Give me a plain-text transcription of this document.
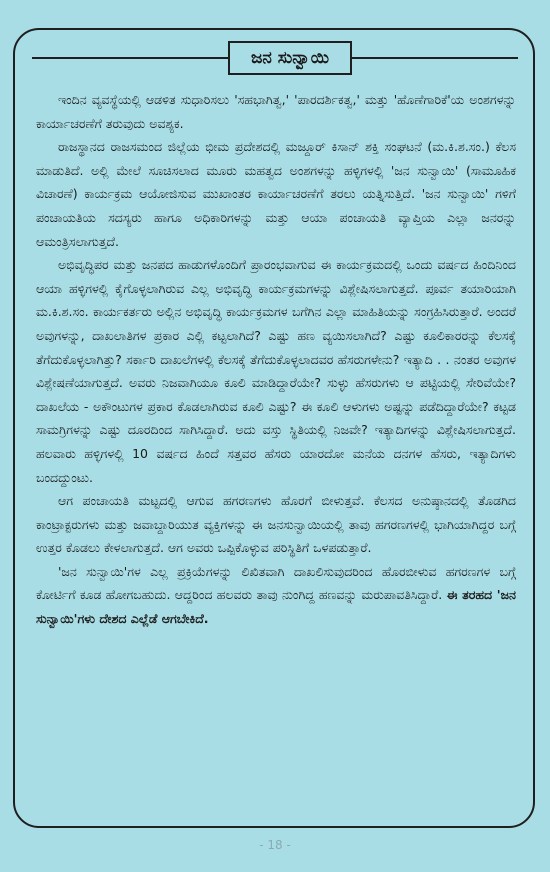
ಜನ ಸುನ್ವಾಯಿ

ಇಂದಿನ ವ್ಯವಸ್ಥೆಯಲ್ಲಿ ಆಡಳಿತ ಸುಧಾರಿಸಲು 'ಸಹಭಾಗಿತ್ವ,' 'ಪಾರದರ್ಶಿಕತ್ವ,' ಮತ್ತು 'ಹೊಣೆಗಾರಿಕೆ'ಯ ಅಂಶಗಳನ್ನು ಕಾರ್ಯಾಚರಣೆಗೆ ತರುವುದು ಅವಶ್ಯಕ.

ರಾಜಸ್ಥಾನದ ರಾಜಸಮಂದ ಜಿಲ್ಲೆಯ ಭೀಮ ಪ್ರದೇಶದಲ್ಲಿ ಮಜ್ದೂರ್ ಕಿಸಾನ್ ಶಕ್ತಿ ಸಂಘಟನೆ (ಮ.ಕಿ.ಶ.ಸಂ.) ಕೆಲಸ ಮಾಡುತಿದೆ. ಅಲ್ಲಿ ಮೇಲೆ ಸೂಚಿಸಲಾದ ಮೂರು ಮಹತ್ವದ ಅಂಶಗಳನ್ನು ಹಳ್ಳಿಗಳಲ್ಲಿ 'ಜನ ಸುನ್ವಾಯಿ' (ಸಾಮೂಹಿಕ ವಿಚಾರಣೆ) ಕಾರ್ಯಕ್ರಮ ಆಯೋಜಿಸುವ ಮುಖಾಂತರ ಕಾರ್ಯಾಚರಣೆಗೆ ತರಲು ಯತ್ನಿಸುತ್ತಿದೆ. 'ಜನ ಸುನ್ವಾಯಿ' ಗಳಿಗೆ ಪಂಚಾಯತಿಯ ಸದಸ್ಯರು ಹಾಗೂ ಅಧಿಕಾರಿಗಳನ್ನು ಮತ್ತು ಆಯಾ ಪಂಚಾಯತಿ ವ್ಯಾಪ್ತಿಯ ಎಲ್ಲಾ ಜನರನ್ನು ಆಮಂತ್ರಿಸಲಾಗುತ್ತದೆ.

ಅಭಿವೃದ್ಧಿಪರ ಮತ್ತು ಜನಪದ ಹಾಡುಗಳೊಂದಿಗೆ ಪ್ರಾರಂಭವಾಗುವ ಈ ಕಾರ್ಯಕ್ರಮದಲ್ಲಿ ಒಂದು ವರ್ಷದ ಹಿಂದಿನಿಂದ ಆಯಾ ಹಳ್ಳಿಗಳಲ್ಲಿ ಕೈಗೊಳ್ಳಲಾಗಿರುವ ಎಲ್ಲ ಅಭಿವೃದ್ಧಿ ಕಾರ್ಯಕ್ರಮಗಳನ್ನು ವಿಶ್ಲೇಷಿಸಲಾಗುತ್ತದೆ. ಪೂರ್ವ ತಯಾರಿಯಾಗಿ ಮ.ಕಿ.ಶ.ಸಂ. ಕಾರ್ಯಕರ್ತರು ಅಲ್ಲಿನ ಅಭಿವೃದ್ಧಿ ಕಾರ್ಯಕ್ರಮಗಳ ಬಗೆಗಿನ ಎಲ್ಲಾ ಮಾಹಿತಿಯನ್ನು ಸಂಗ್ರಹಿಸಿರುತ್ತಾರೆ. ಅಂದರೆ ಅವುಗಳನ್ನು, ದಾಖಲಾತಿಗಳ ಪ್ರಕಾರ ಎಲ್ಲಿ ಕಟ್ಟಲಾಗಿದೆ? ಎಷ್ಟು ಹಣ ವ್ಯಯಿಸಲಾಗಿದೆ? ಎಷ್ಟು ಕೂಲಿಕಾರರನ್ನು ಕೆಲಸಕ್ಕೆ ತೆಗೆದುಕೊಳ್ಳಲಾಗಿತ್ತು? ಸರ್ಕಾರಿ ದಾಖಲೆಗಳಲ್ಲಿ ಕೆಲಸಕ್ಕೆ ತೆಗೆದುಕೊಳ್ಳಲಾದವರ ಹೆಸರುಗಳೇನು? ಇತ್ಯಾದಿ . . ನಂತರ ಅವುಗಳ ವಿಶ್ಲೇಷಣೆಯಾಗುತ್ತದೆ. ಅವರು ನಿಜವಾಗಿಯೂ ಕೂಲಿ ಮಾಡಿದ್ದಾರೆಯೇ? ಸುಳ್ಳು ಹೆಸರುಗಳು ಆ ಪಟ್ಟಿಯಲ್ಲಿ ಸೇರಿವೆಯೇ? ದಾಖಲೆಯ - ಅಕೌಂಟುಗಳ ಪ್ರಕಾರ ಕೊಡಲಾಗಿರುವ ಕೂಲಿ ಎಷ್ಟು? ಈ ಕೂಲಿ ಆಳುಗಳು ಅಷ್ಟನ್ನು ಪಡೆದಿದ್ದಾರೆಯೇ? ಕಟ್ಟಡ ಸಾಮಗ್ರಿಗಳನ್ನು ಎಷ್ಟು ದೂರದಿಂದ ಸಾಗಿಸಿದ್ದಾರೆ. ಅದು ವಸ್ತು ಸ್ಥಿತಿಯಲ್ಲಿ ನಿಜವೇ? ಇತ್ಯಾದಿಗಳನ್ನು ವಿಶ್ಲೇಷಿಸಲಾಗುತ್ತದೆ. ಹಲವಾರು ಹಳ್ಳಿಗಳಲ್ಲಿ 10 ವರ್ಷದ ಹಿಂದೆ ಸತ್ತವರ ಹೆಸರು ಯಾರದೋ ಮನೆಯ ದನಗಳ ಹೆಸರು, ಇತ್ಯಾದಿಗಳು ಬಂದದ್ದುಂಟು.

ಆಗ ಪಂಚಾಯತಿ ಮಟ್ಟದಲ್ಲಿ ಆಗುವ ಹಗರಣಗಳು ಹೊರಗೆ ಬೀಳುತ್ತವೆ. ಕೆಲಸದ ಅನುಷ್ಠಾನದಲ್ಲಿ ತೊಡಗಿದ ಕಾಂಟ್ರಾಕ್ಟರುಗಳು ಮತ್ತು ಜವಾಬ್ದಾರಿಯುತ ವ್ಯಕ್ತಿಗಳನ್ನು ಈ ಜನಸುನ್ವಾಯಿಯಲ್ಲಿ ತಾವು ಹಗರಣಗಳಲ್ಲಿ ಭಾಗಿಯಾಗಿದ್ದರ ಬಗ್ಗೆ ಉತ್ತರ ಕೊಡಲು ಕೇಳಲಾಗುತ್ತದೆ. ಆಗ ಅವರು ಒಪ್ಪಿಕೊಳ್ಳುವ ಪರಿಸ್ಥಿತಿಗೆ ಒಳಪಡುತ್ತಾರೆ.

'ಜನ ಸುನ್ವಾಯಿ'ಗಳ ಎಲ್ಲ ಪ್ರಕ್ರಿಯೆಗಳನ್ನು ಲಿಖಿತವಾಗಿ ದಾಖಲಿಸುವುದರಿಂದ ಹೊರಬೀಳುವ ಹಗರಣಗಳ ಬಗ್ಗೆ ಕೋರ್ಟಿಗೆ ಕೂಡ ಹೋಗಬಹುದು. ಆದ್ದರಿಂದ ಹಲವರು ತಾವು ನುಂಗಿದ್ದ ಹಣವನ್ನು ಮರುಪಾವತಿಸಿದ್ದಾರೆ. ಈ ತರಹದ 'ಜನ ಸುನ್ವಾಯಿ'ಗಳು ದೇಶದ ಎಲ್ಲೆಡೆ ಆಗಬೇಕಿದೆ.

- 18 -
